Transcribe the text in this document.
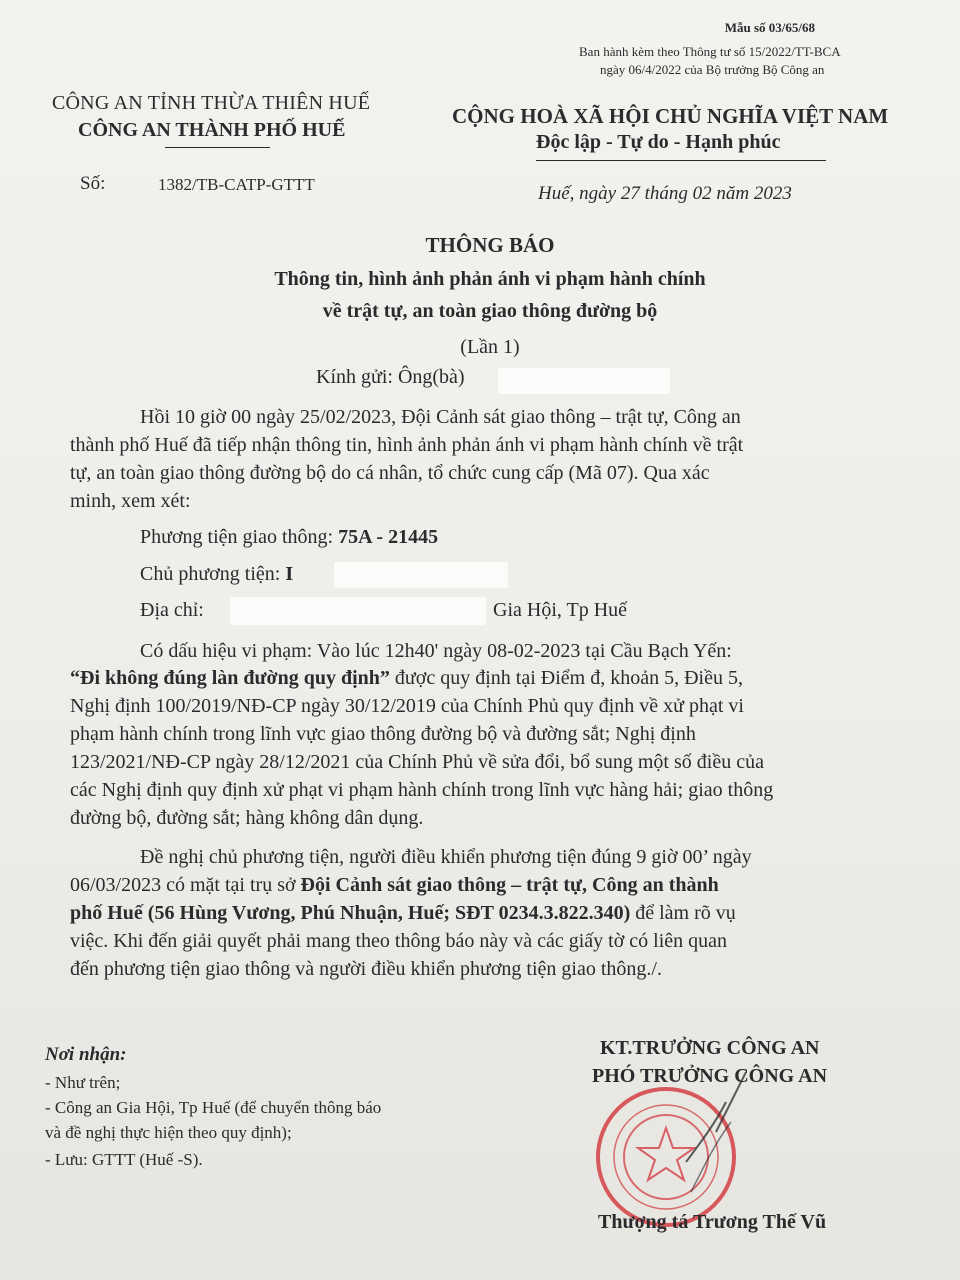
Mẫu số 03/65/68
Ban hành kèm theo Thông tư số 15/2022/TT-BCA
ngày 06/4/2022 của Bộ trưởng Bộ Công an
CÔNG AN TỈNH THỪA THIÊN HUẾ
CÔNG AN THÀNH PHỐ HUẾ
Số:	1382/TB-CATP-GTTT
CỘNG HOÀ XÃ HỘI CHỦ NGHĨA VIỆT NAM
Độc lập - Tự do - Hạnh phúc
Huế, ngày 27 tháng 02 năm 2023
THÔNG BÁO
Thông tin, hình ảnh phản ánh vi phạm hành chính
về trật tự, an toàn giao thông đường bộ
(Lần 1)
Kính gửi: Ông(bà)
Hồi 10 giờ 00 ngày 25/02/2023, Đội Cảnh sát giao thông – trật tự, Công an
thành phố Huế đã tiếp nhận thông tin, hình ảnh phản ánh vi phạm hành chính về trật
tự, an toàn giao thông đường bộ do cá nhân, tổ chức cung cấp (Mã 07). Qua xác
minh, xem xét:
Phương tiện giao thông: 75A - 21445
Chủ phương tiện: I
Địa chỉ:	Gia Hội, Tp Huế
Có dấu hiệu vi phạm: Vào lúc 12h40' ngày 08-02-2023 tại Cầu Bạch Yến:
“Đi không đúng làn đường quy định” được quy định tại Điểm đ, khoản 5, Điều 5,
Nghị định 100/2019/NĐ-CP ngày 30/12/2019 của Chính Phủ quy định về xử phạt vi
phạm hành chính trong lĩnh vực giao thông đường bộ và đường sắt; Nghị định
123/2021/NĐ-CP ngày 28/12/2021 của Chính Phủ về sửa đổi, bổ sung một số điều của
các Nghị định quy định xử phạt vi phạm hành chính trong lĩnh vực hàng hải; giao thông
đường bộ, đường sắt; hàng không dân dụng.
Đề nghị chủ phương tiện, người điều khiển phương tiện đúng 9 giờ 00’ ngày
06/03/2023 có mặt tại trụ sở Đội Cảnh sát giao thông – trật tự, Công an thành
phố Huế (56 Hùng Vương, Phú Nhuận, Huế; SĐT 0234.3.822.340) để làm rõ vụ
việc. Khi đến giải quyết phải mang theo thông báo này và các giấy tờ có liên quan
đến phương tiện giao thông và người điều khiển phương tiện giao thông./.
Nơi nhận:
- Như trên;
- Công an Gia Hội, Tp Huế (để chuyển thông báo
và đề nghị thực hiện theo quy định);
- Lưu: GTTT (Huế -S).
KT.TRƯỞNG CÔNG AN
PHÓ TRƯỞNG CÔNG AN
Thượng tá Trương Thế Vũ
